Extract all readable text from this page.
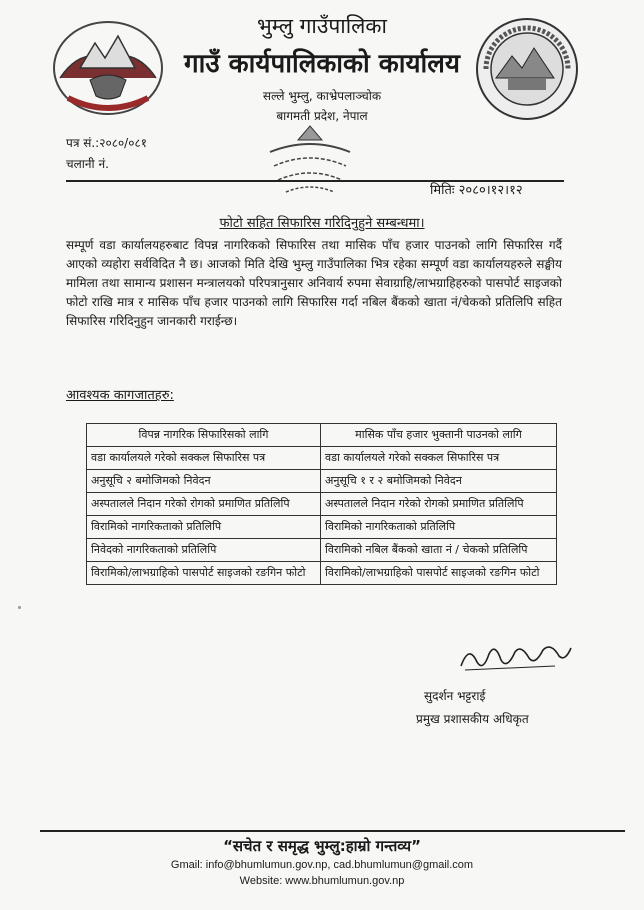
भुम्लु गाउँपालिका
गाउँ कार्यपालिकाको कार्यालय
सल्ले भुम्लु, काभ्रेपलाञ्चोक
बागमती प्रदेश, नेपाल
पत्र सं.:२०८०/०८१
चलानी नं.
मितिः २०८०।१२।१२
फोटो सहित सिफारिस गरिदिनुहुने सम्बन्धमा।
सम्पूर्ण वडा कार्यालयहरुबाट विपन्न नागरिकको सिफारिस तथा मासिक पाँच हजार पाउनको लागि सिफारिस गर्दै आएको व्यहोरा सर्वविदित नै छ। आजको मिति देखि भुम्लु गाउँपालिका भित्र रहेका सम्पूर्ण वडा कार्यालयहरुले सङ्घीय मामिला तथा सामान्य प्रशासन मन्त्रालयको परिपत्रानुसार अनिवार्य रुपमा सेवाग्राहि/लाभग्राहिहरुको पासपोर्ट साइजको फोटो राखि मात्र र मासिक पाँच हजार पाउनको लागि सिफारिस गर्दा नबिल बैंकको खाता नं/चेकको प्रतिलिपि सहित सिफारिस गरिदिनुहुन जानकारी गराईन्छ।
आवश्यक कागजातहरु:
विपन्न नागरिक सिफारिसको लागि	मासिक पाँच हजार भुक्तानी पाउनको लागि
वडा कार्यालयले गरेको सक्कल सिफारिस पत्र	वडा कार्यालयले गरेको सक्कल सिफारिस पत्र
अनुसूचि २ बमोजिमको निवेदन	अनुसूचि १ र २ बमोजिमको निवेदन
अस्पतालले निदान गरेको रोगको प्रमाणित प्रतिलिपि	अस्पतालले निदान गरेको रोगको प्रमाणित प्रतिलिपि
विरामिको नागरिकताको प्रतिलिपि	विरामिको नागरिकताको प्रतिलिपि
निवेदको नागरिकताको प्रतिलिपि	विरामिको नबिल बैंकको खाता नं / चेकको प्रतिलिपि
विरामिको/लाभग्राहिको पासपोर्ट साइजको रङगिन फोटो	विरामिको/लाभग्राहिको पासपोर्ट साइजको रङगिन फोटो
सुदर्शन भट्टराई
प्रमुख प्रशासकीय अधिकृत
“सचेत र समृद्ध भुम्लु:हाम्रो गन्तव्य”
Gmail: info@bhumlumun.gov.np, cad.bhumlumun@gmail.com
Website: www.bhumlumun.gov.np
